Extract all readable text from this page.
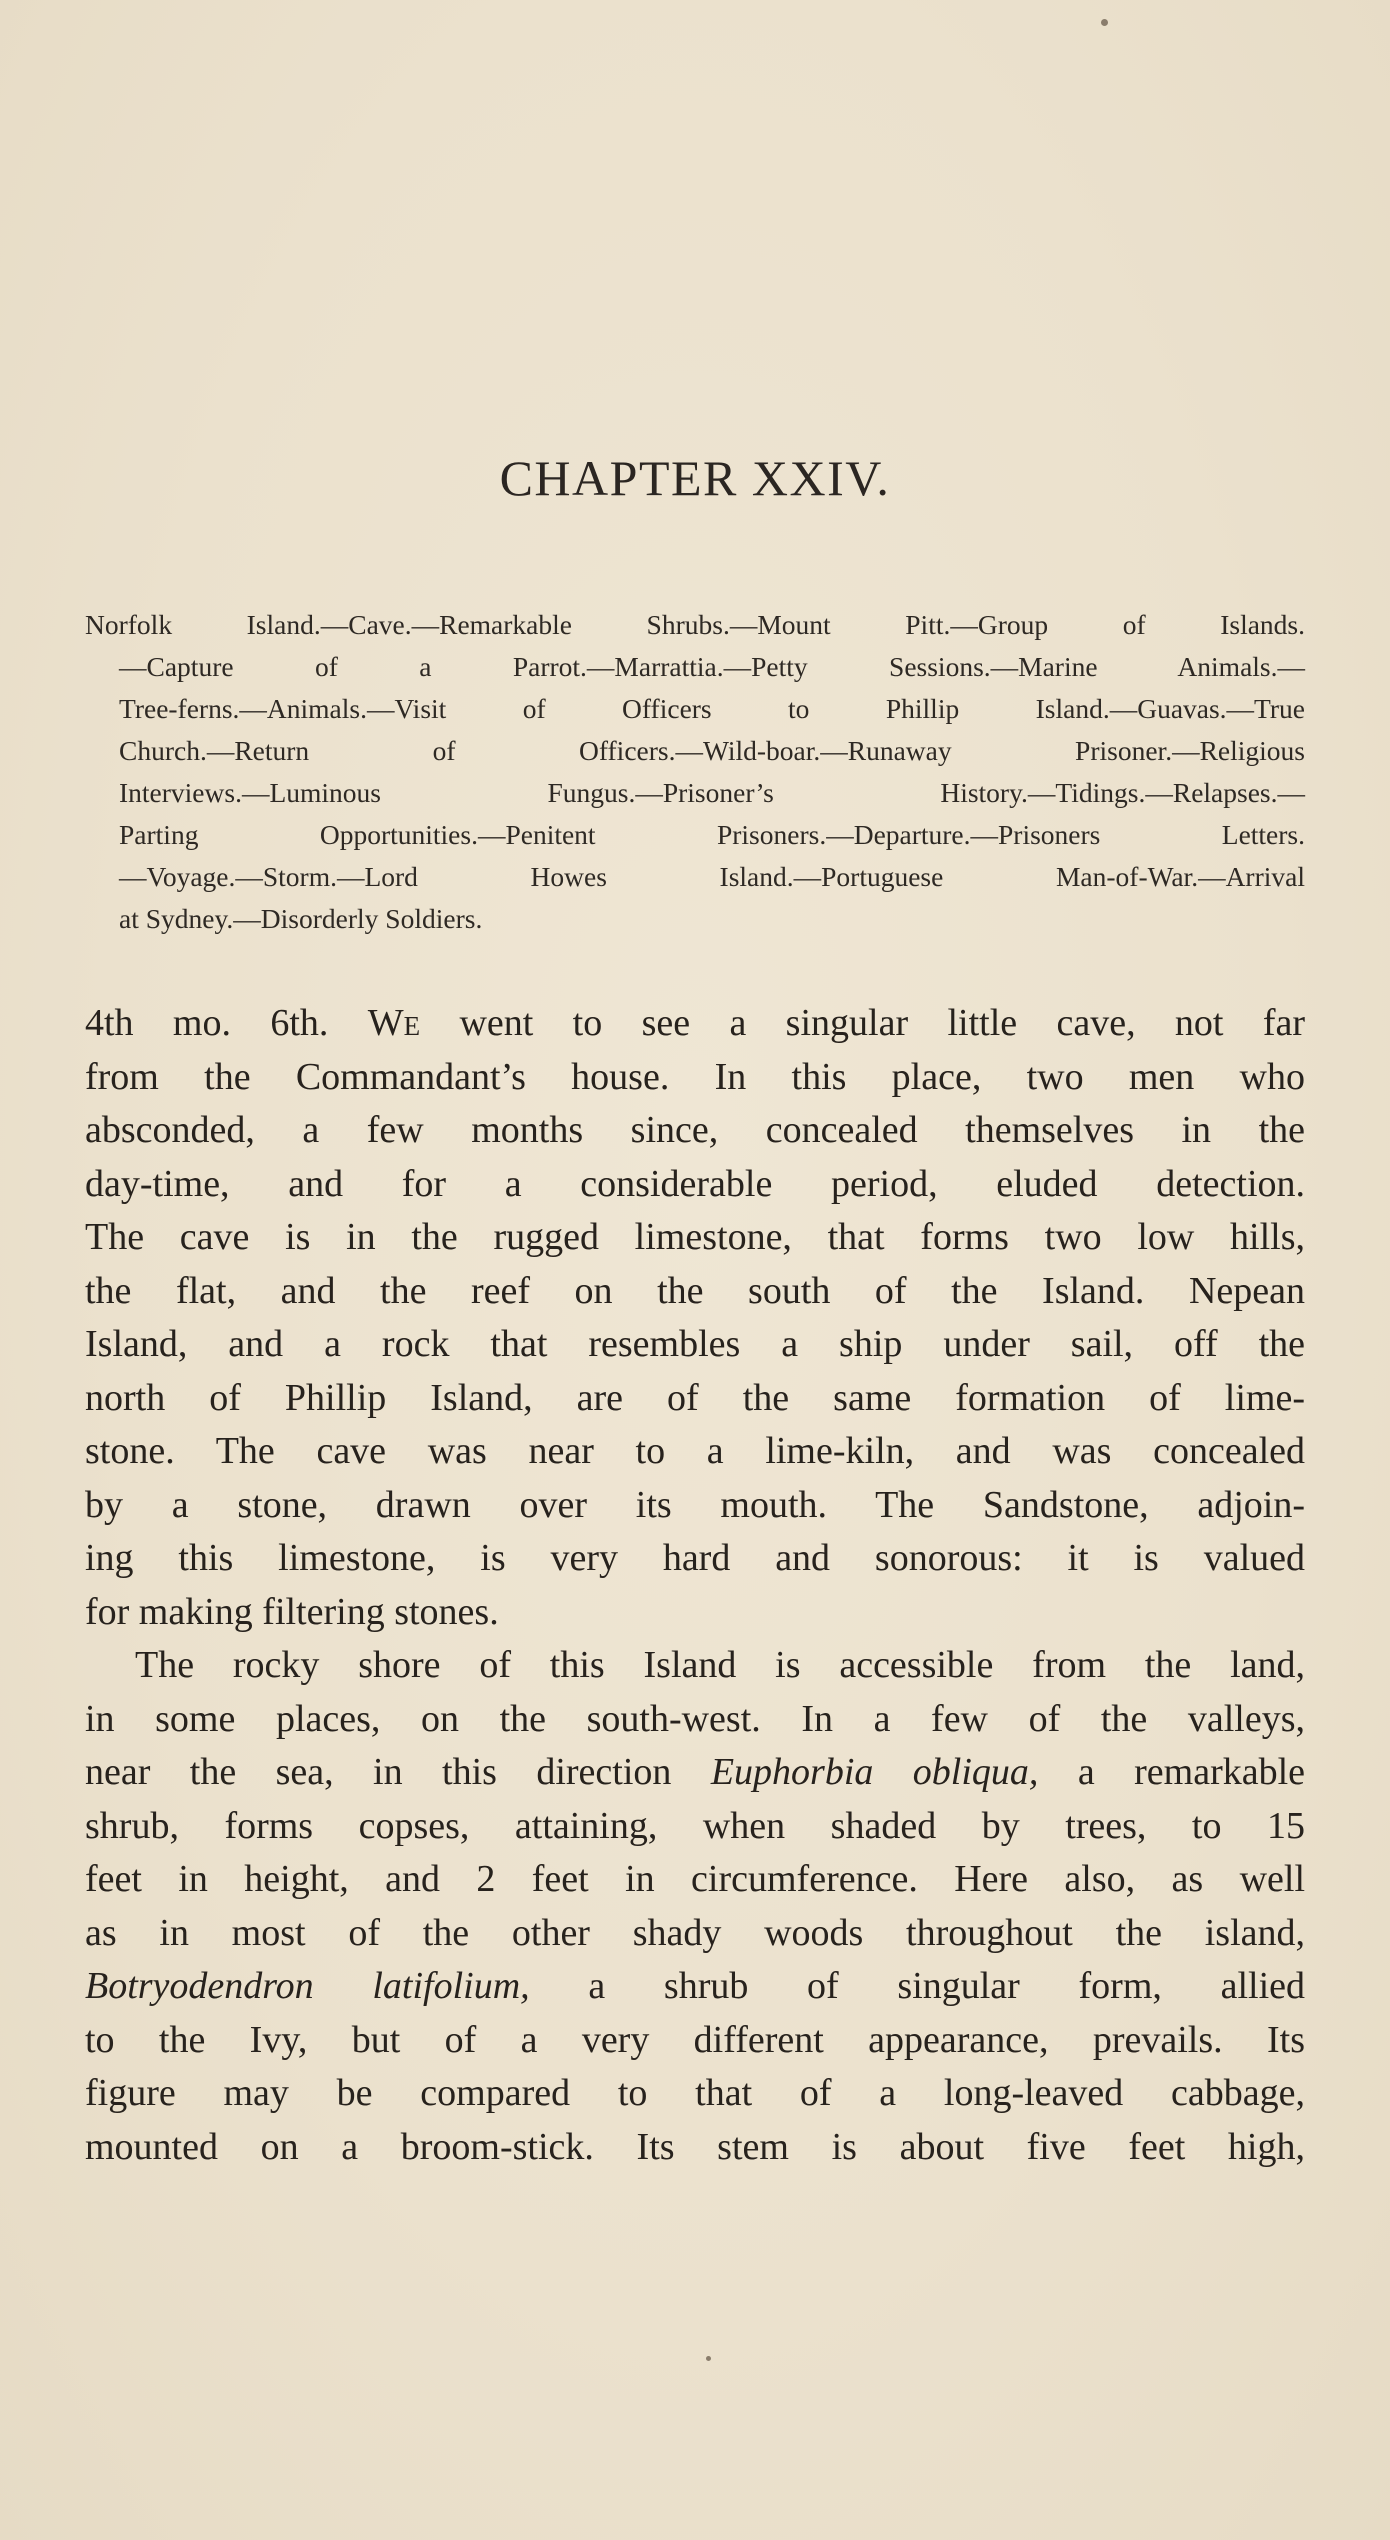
CHAPTER XXIV.
Norfolk Island.—Cave.—Remarkable Shrubs.—Mount Pitt.—Group of Islands.
—Capture of a Parrot.—Marrattia.—Petty Sessions.—Marine Animals.—
Tree-ferns.—Animals.—Visit of Officers to Phillip Island.—Guavas.—True
Church.—Return of Officers.—Wild-boar.—Runaway Prisoner.—Religious
Interviews.—Luminous Fungus.—Prisoner’s History.—Tidings.—Relapses.—
Parting Opportunities.—Penitent Prisoners.—Departure.—Prisoners Letters.
—Voyage.—Storm.—Lord Howes Island.—Portuguese Man-of-War.—Arrival
at Sydney.—Disorderly Soldiers.
4th mo. 6th. We went to see a singular little cave, not far
from the Commandant’s house. In this place, two men who
absconded, a few months since, concealed themselves in the
day-time, and for a considerable period, eluded detection.
The cave is in the rugged limestone, that forms two low hills,
the flat, and the reef on the south of the Island. Nepean
Island, and a rock that resembles a ship under sail, off the
north of Phillip Island, are of the same formation of lime-
stone. The cave was near to a lime-kiln, and was concealed
by a stone, drawn over its mouth. The Sandstone, adjoin-
ing this limestone, is very hard and sonorous: it is valued
for making filtering stones.
The rocky shore of this Island is accessible from the land,
in some places, on the south-west. In a few of the valleys,
near the sea, in this direction Euphorbia obliqua, a remarkable
shrub, forms copses, attaining, when shaded by trees, to 15
feet in height, and 2 feet in circumference. Here also, as well
as in most of the other shady woods throughout the island,
Botryodendron latifolium, a shrub of singular form, allied
to the Ivy, but of a very different appearance, prevails. Its
figure may be compared to that of a long-leaved cabbage,
mounted on a broom-stick. Its stem is about five feet high,
